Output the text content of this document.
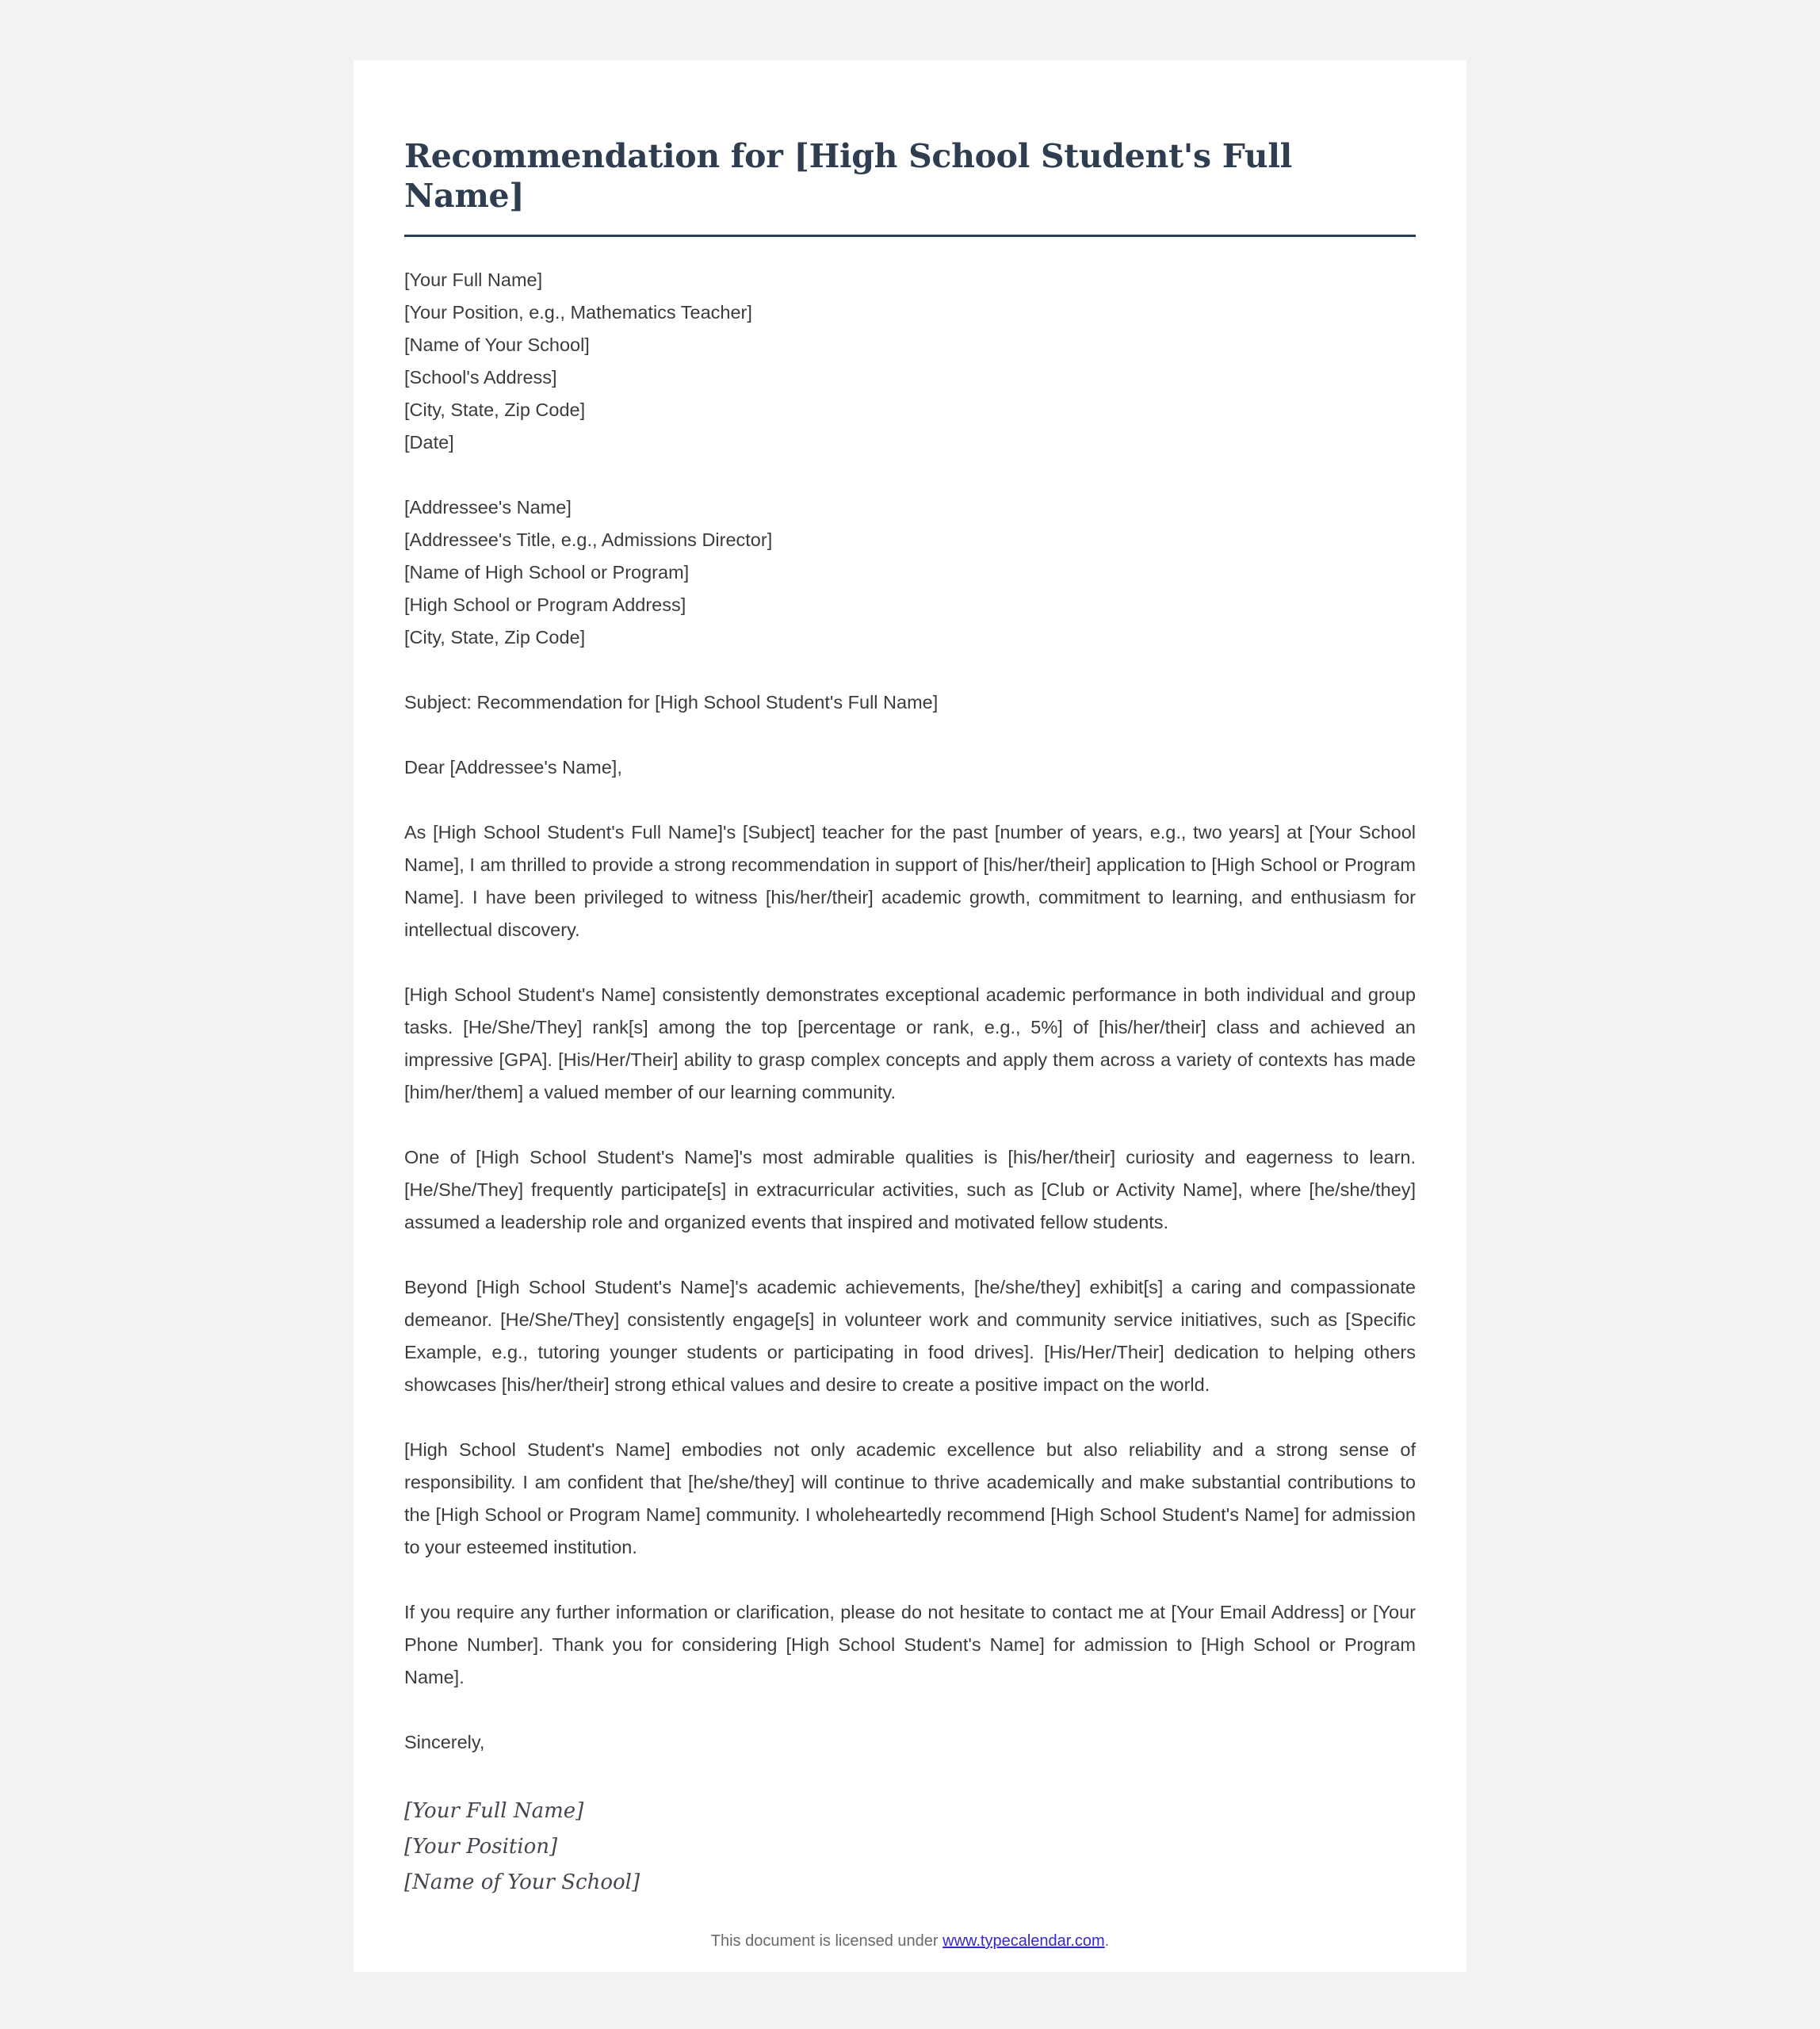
Recommendation for [High School Student's Full Name]
[Your Full Name]
[Your Position, e.g., Mathematics Teacher]
[Name of Your School]
[School's Address]
[City, State, Zip Code]
[Date]
[Addressee's Name]
[Addressee's Title, e.g., Admissions Director]
[Name of High School or Program]
[High School or Program Address]
[City, State, Zip Code]
Subject: Recommendation for [High School Student's Full Name]
Dear [Addressee's Name],

As [High School Student's Full Name]'s [Subject] teacher for the past [number of years, e.g., two years] at [Your School Name], I am thrilled to provide a strong recommendation in support of [his/her/their] application to [High School or Program Name]. I have been privileged to witness [his/her/their] academic growth, commitment to learning, and enthusiasm for intellectual discovery.

[High School Student's Name] consistently demonstrates exceptional academic performance in both individual and group tasks. [He/She/They] rank[s] among the top [percentage or rank, e.g., 5%] of [his/her/their] class and achieved an impressive [GPA]. [His/Her/Their] ability to grasp complex concepts and apply them across a variety of contexts has made [him/her/them] a valued member of our learning community.

One of [High School Student's Name]'s most admirable qualities is [his/her/their] curiosity and eagerness to learn. [He/She/They] frequently participate[s] in extracurricular activities, such as [Club or Activity Name], where [he/she/they] assumed a leadership role and organized events that inspired and motivated fellow students.

Beyond [High School Student's Name]'s academic achievements, [he/she/they] exhibit[s] a caring and compassionate demeanor. [He/She/They] consistently engage[s] in volunteer work and community service initiatives, such as [Specific Example, e.g., tutoring younger students or participating in food drives]. [His/Her/Their] dedication to helping others showcases [his/her/their] strong ethical values and desire to create a positive impact on the world.

[High School Student's Name] embodies not only academic excellence but also reliability and a strong sense of responsibility. I am confident that [he/she/they] will continue to thrive academically and make substantial contributions to the [High School or Program Name] community. I wholeheartedly recommend [High School Student's Name] for admission to your esteemed institution.

If you require any further information or clarification, please do not hesitate to contact me at [Your Email Address] or [Your Phone Number]. Thank you for considering [High School Student's Name] for admission to [High School or Program Name].

Sincerely,
[Your Full Name]
[Your Position]
[Name of Your School]
This document is licensed under www.typecalendar.com.
